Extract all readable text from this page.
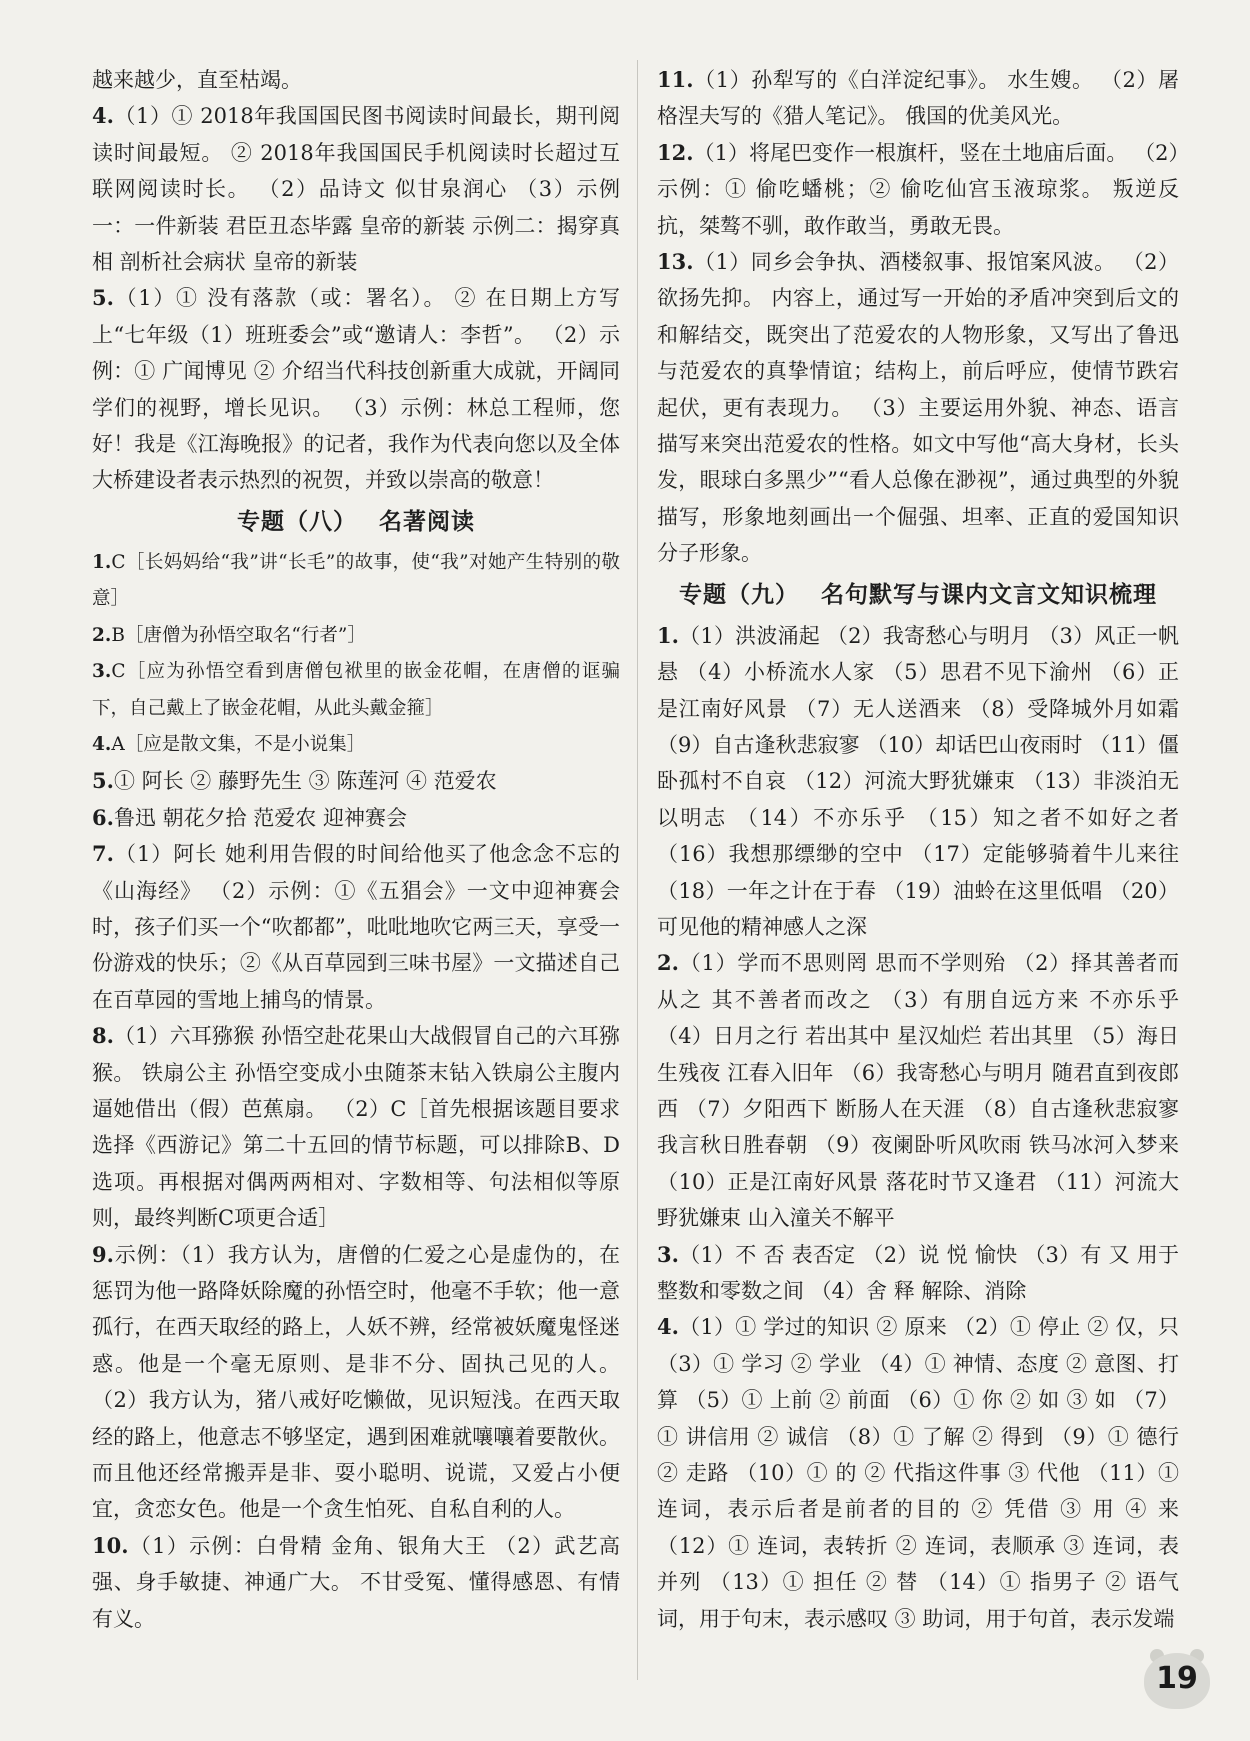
越来越少，直至枯竭。

4.（1）① 2018年我国国民图书阅读时间最长，期刊阅读时间最短。 ② 2018年我国国民手机阅读时长超过互联网阅读时长。 （2）品诗文 似甘泉润心 （3）示例一：一件新装 君臣丑态毕露 皇帝的新装 示例二：揭穿真相 剖析社会病状 皇帝的新装

5.（1）① 没有落款（或：署名）。 ② 在日期上方写上“七年级（1）班班委会”或“邀请人：李哲”。 （2）示例：① 广闻博见 ② 介绍当代科技创新重大成就，开阔同学们的视野，增长见识。 （3）示例：林总工程师，您好！我是《江海晚报》的记者，我作为代表向您以及全体大桥建设者表示热烈的祝贺，并致以崇高的敬意！

专题（八） 名著阅读

1.C［长妈妈给“我”讲“长毛”的故事，使“我”对她产生特别的敬意］

2.B［唐僧为孙悟空取名“行者”］

3.C［应为孙悟空看到唐僧包袱里的嵌金花帽，在唐僧的诓骗下，自己戴上了嵌金花帽，从此头戴金箍］

4.A［应是散文集，不是小说集］

5.① 阿长 ② 藤野先生 ③ 陈莲河 ④ 范爱农

6.鲁迅 朝花夕拾 范爱农 迎神赛会

7.（1）阿长 她利用告假的时间给他买了他念念不忘的《山海经》 （2）示例：①《五猖会》一文中迎神赛会时，孩子们买一个“吹都都”，吡吡地吹它两三天，享受一份游戏的快乐；②《从百草园到三味书屋》一文描述自己在百草园的雪地上捕鸟的情景。

8.（1）六耳猕猴 孙悟空赴花果山大战假冒自己的六耳猕猴。 铁扇公主 孙悟空变成小虫随茶末钻入铁扇公主腹内逼她借出（假）芭蕉扇。 （2）C［首先根据该题目要求选择《西游记》第二十五回的情节标题，可以排除B、D选项。再根据对偶两两相对、字数相等、句法相似等原则，最终判断C项更合适］

9.示例：（1）我方认为，唐僧的仁爱之心是虚伪的，在惩罚为他一路降妖除魔的孙悟空时，他毫不手软；他一意孤行，在西天取经的路上，人妖不辨，经常被妖魔鬼怪迷惑。他是一个毫无原则、是非不分、固执己见的人。 （2）我方认为，猪八戒好吃懒做，见识短浅。在西天取经的路上，他意志不够坚定，遇到困难就嚷嚷着要散伙。而且他还经常搬弄是非、耍小聪明、说谎，又爱占小便宜，贪恋女色。他是一个贪生怕死、自私自利的人。

10.（1）示例：白骨精 金角、银角大王 （2）武艺高强、身手敏捷、神通广大。 不甘受冤、懂得感恩、有情有义。

11.（1）孙犁写的《白洋淀纪事》。 水生嫂。 （2）屠格涅夫写的《猎人笔记》。 俄国的优美风光。

12.（1）将尾巴变作一根旗杆，竖在土地庙后面。 （2）示例：① 偷吃蟠桃；② 偷吃仙宫玉液琼浆。 叛逆反抗，桀骜不驯，敢作敢当，勇敢无畏。

13.（1）同乡会争执、酒楼叙事、报馆案风波。 （2）欲扬先抑。 内容上，通过写一开始的矛盾冲突到后文的和解结交，既突出了范爱农的人物形象，又写出了鲁迅与范爱农的真挚情谊；结构上，前后呼应，使情节跌宕起伏，更有表现力。 （3）主要运用外貌、神态、语言描写来突出范爱农的性格。如文中写他“高大身材，长头发，眼球白多黑少”“看人总像在渺视”，通过典型的外貌描写，形象地刻画出一个倔强、坦率、正直的爱国知识分子形象。

专题（九） 名句默写与课内文言文知识梳理

1.（1）洪波涌起 （2）我寄愁心与明月 （3）风正一帆悬 （4）小桥流水人家 （5）思君不见下渝州 （6）正是江南好风景 （7）无人送酒来 （8）受降城外月如霜 （9）自古逢秋悲寂寥 （10）却话巴山夜雨时 （11）僵卧孤村不自哀 （12）河流大野犹嫌束 （13）非淡泊无以明志 （14）不亦乐乎 （15）知之者不如好之者 （16）我想那缥缈的空中 （17）定能够骑着牛儿来往 （18）一年之计在于春 （19）油蛉在这里低唱 （20）可见他的精神感人之深

2.（1）学而不思则罔 思而不学则殆 （2）择其善者而从之 其不善者而改之 （3）有朋自远方来 不亦乐乎 （4）日月之行 若出其中 星汉灿烂 若出其里 （5）海日生残夜 江春入旧年 （6）我寄愁心与明月 随君直到夜郎西 （7）夕阳西下 断肠人在天涯 （8）自古逢秋悲寂寥 我言秋日胜春朝 （9）夜阑卧听风吹雨 铁马冰河入梦来 （10）正是江南好风景 落花时节又逢君 （11）河流大野犹嫌束 山入潼关不解平

3.（1）不 否 表否定 （2）说 悦 愉快 （3）有 又 用于整数和零数之间 （4）舍 释 解除、消除

4.（1）① 学过的知识 ② 原来 （2）① 停止 ② 仅，只 （3）① 学习 ② 学业 （4）① 神情、态度 ② 意图、打算 （5）① 上前 ② 前面 （6）① 你 ② 如 ③ 如 （7）① 讲信用 ② 诚信 （8）① 了解 ② 得到 （9）① 德行 ② 走路 （10）① 的 ② 代指这件事 ③ 代他 （11）① 连词，表示后者是前者的目的 ② 凭借 ③ 用 ④ 来 （12）① 连词，表转折 ② 连词，表顺承 ③ 连词，表并列 （13）① 担任 ② 替 （14）① 指男子 ② 语气词，用于句末，表示感叹 ③ 助词，用于句首，表示发端

19
